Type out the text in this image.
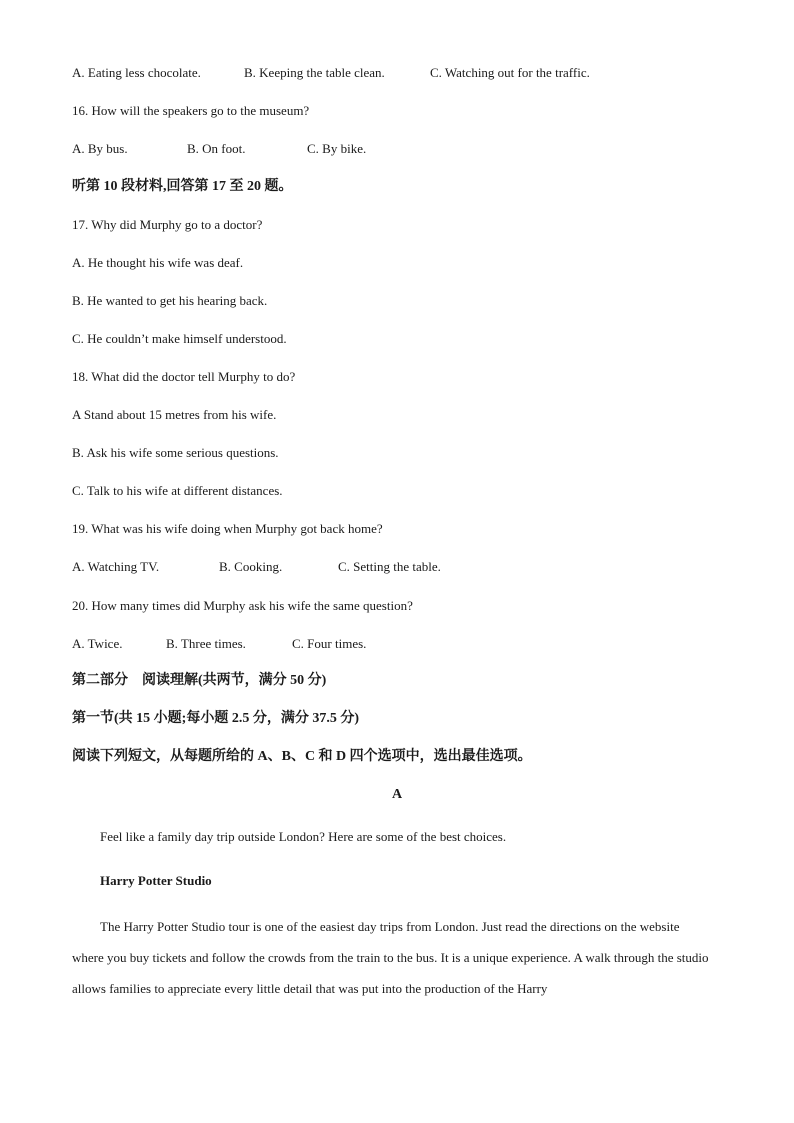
A. Eating less chocolate.	B. Keeping the table clean.	C. Watching out for the traffic.
16. How will the speakers go to the museum?
A. By bus.	B. On foot.	C. By bike.
听第 10 段材料,回答第 17 至 20 题。
17. Why did Murphy go to a doctor?
A. He thought his wife was deaf.
B. He wanted to get his hearing back.
C. He couldn’t make himself understood.
18. What did the doctor tell Murphy to do?
A Stand about 15 metres from his wife.
B. Ask his wife some serious questions.
C. Talk to his wife at different distances.
19. What was his wife doing when Murphy got back home?
A. Watching TV.	B. Cooking.	C. Setting the table.
20. How many times did Murphy ask his wife the same question?
A. Twice.	B. Three times.	C. Four times.
第二部分　阅读理解(共两节，满分 50 分)
第一节(共 15 小题;每小题 2.5 分，满分 37.5 分)
阅读下列短文，从每题所给的 A、B、C 和 D 四个选项中，选出最佳选项。
A
Feel like a family day trip outside London? Here are some of the best choices.
Harry Potter Studio
The Harry Potter Studio tour is one of the easiest day trips from London. Just read the directions on the website where you buy tickets and follow the crowds from the train to the bus. It is a unique experience. A walk through the studio allows families to appreciate every little detail that was put into the production of the Harry
